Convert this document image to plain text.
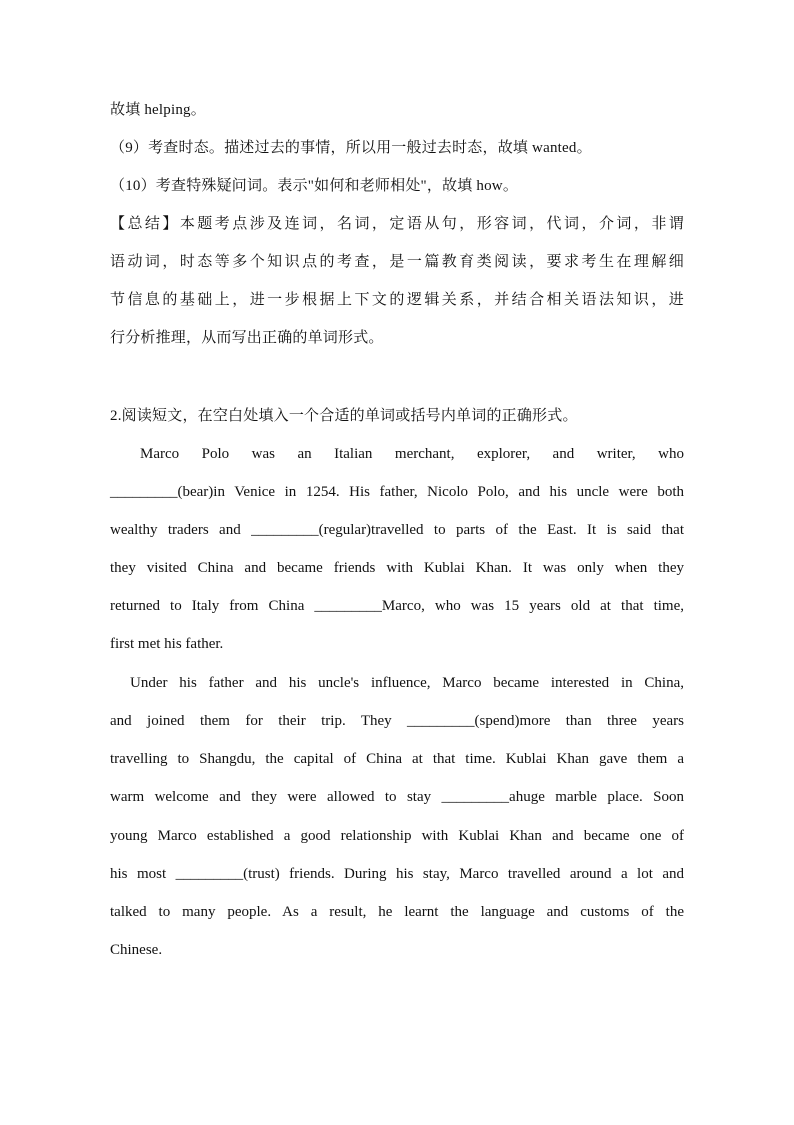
故填 helping。
（9）考查时态。描述过去的事情，所以用一般过去时态，故填 wanted。
（10）考查特殊疑问词。表示"如何和老师相处"，故填 how。
【总结】本题考点涉及连词，名词，定语从句，形容词，代词，介词，非谓
语动词，时态等多个知识点的考查，是一篇教育类阅读，要求考生在理解细
节信息的基础上，进一步根据上下文的逻辑关系，并结合相关语法知识，进
行分析推理，从而写出正确的单词形式。
2.阅读短文，在空白处填入一个合适的单词或括号内单词的正确形式。
Marco Polo was an Italian merchant, explorer, and writer, who
_________(bear)in Venice in 1254. His father, Nicolo Polo, and his uncle were both
wealthy traders and _________(regular)travelled to parts of the East. It is said that
they visited China and became friends with Kublai Khan. It was only when they
returned to Italy from China _________Marco, who was 15 years old at that time,
first met his father.
Under his father and his uncle's influence, Marco became interested in China,
and joined them for their trip. They _________(spend)more than three years
travelling to Shangdu, the capital of China at that time. Kublai Khan gave them a
warm welcome and they were allowed to stay _________ahuge marble place. Soon
young Marco established a good relationship with Kublai Khan and became one of
his most _________(trust) friends. During his stay, Marco travelled around a lot and
talked to many people. As a result, he learnt the language and customs of the
Chinese.
